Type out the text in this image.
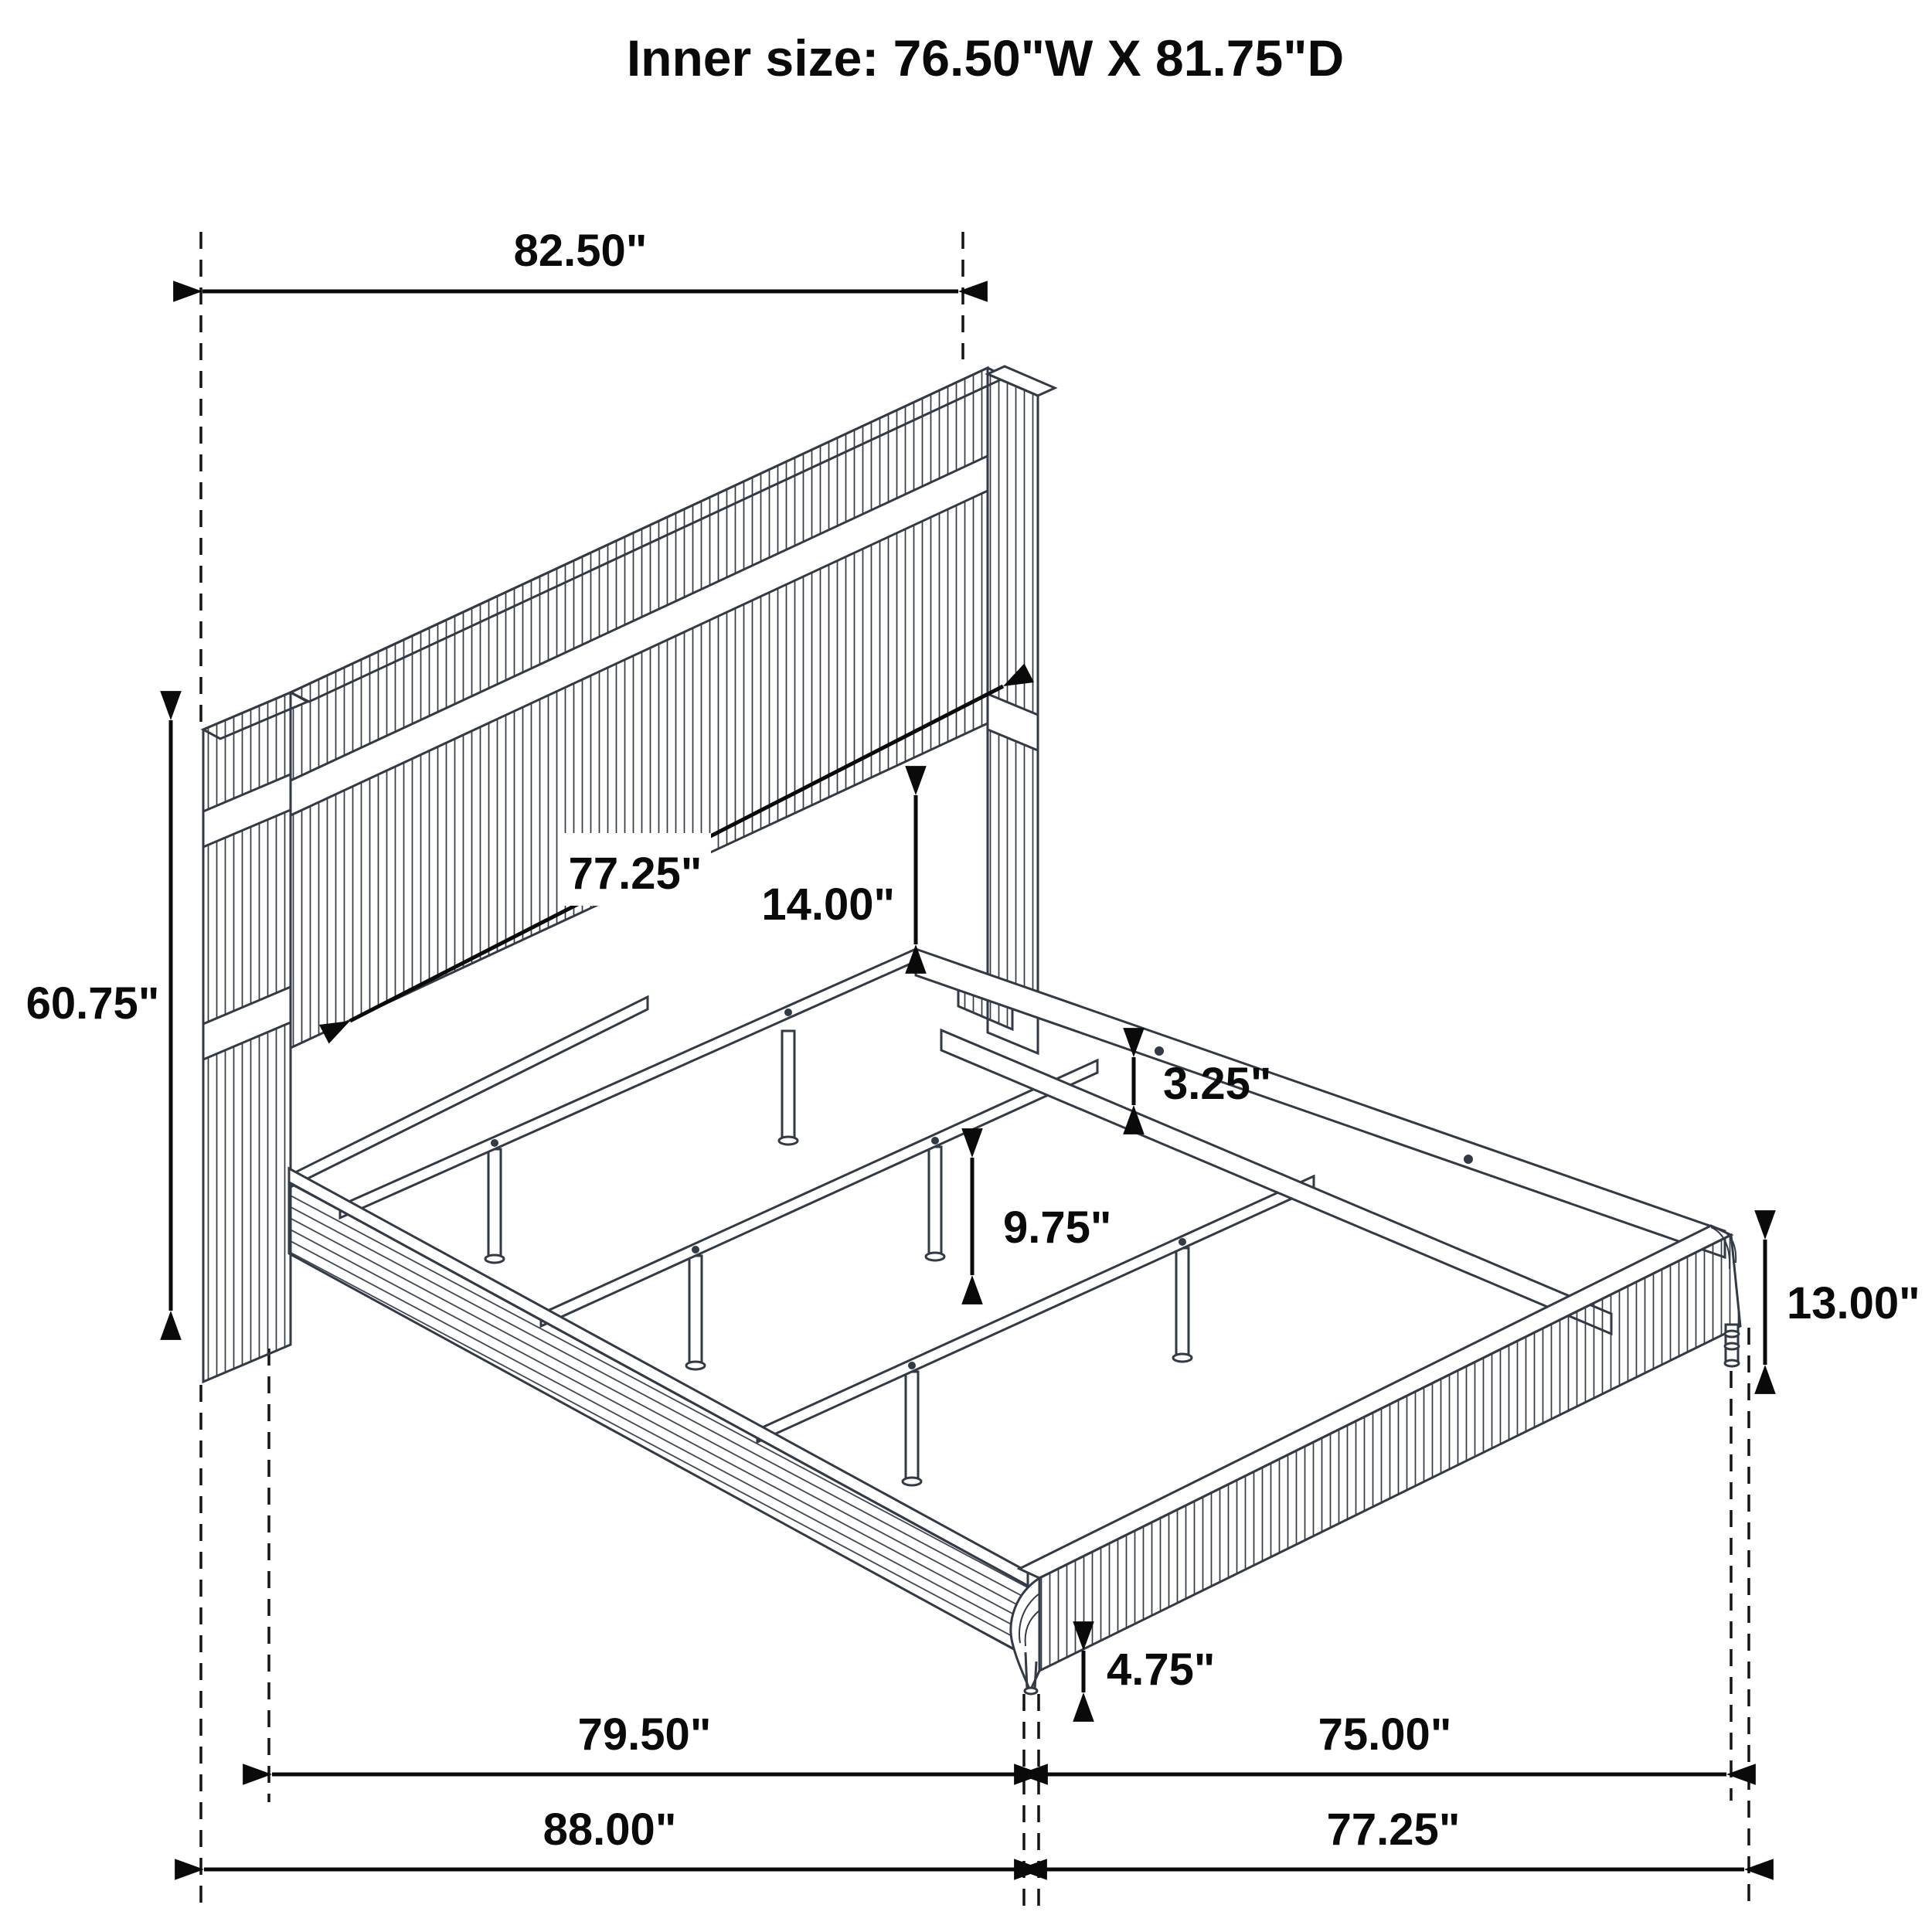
Inner size: 76.50"W X 81.75"D
82.50"
60.75"
77.25"
14.00"
3.25"
9.75"
13.00"
4.75"
79.50"	75.00"
88.00"	77.25"
